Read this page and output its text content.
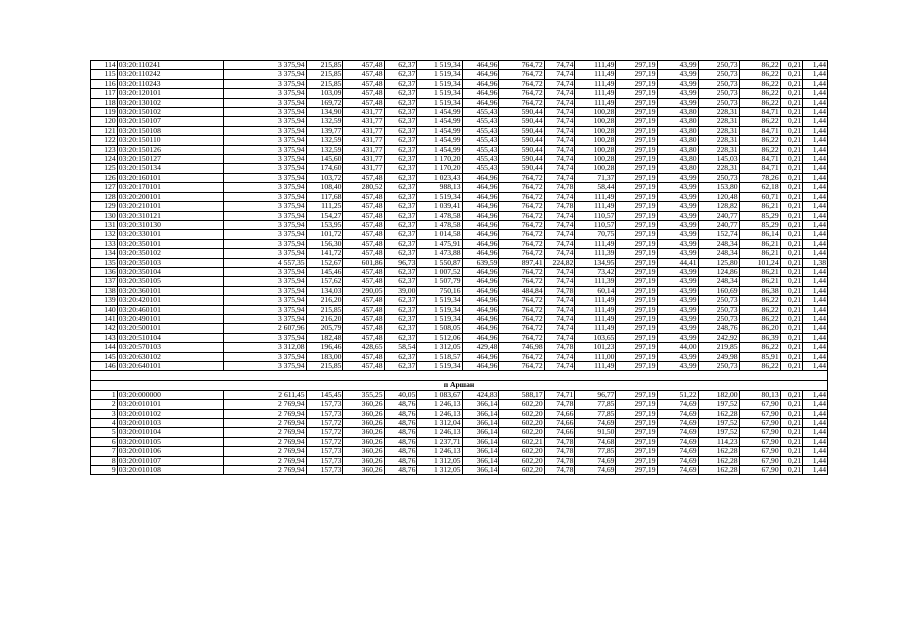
114	03:20:110241	3 375,94	215,85	457,48	62,37	1 519,34	464,96	764,72	74,74	111,49	297,19	43,99	250,73	86,22	0,21	1,44
115	03:20:110242	3 375,94	215,85	457,48	62,37	1 519,34	464,96	764,72	74,74	111,49	297,19	43,99	250,73	86,22	0,21	1,44
116	03:20:110243	3 375,94	215,85	457,48	62,37	1 519,34	464,96	764,72	74,74	111,49	297,19	43,99	250,73	86,22	0,21	1,44
117	03:20:120101	3 375,94	103,09	457,48	62,37	1 519,34	464,96	764,72	74,74	111,49	297,19	43,99	250,73	86,22	0,21	1,44
118	03:20:130102	3 375,94	169,72	457,48	62,37	1 519,34	464,96	764,72	74,74	111,49	297,19	43,99	250,73	86,22	0,21	1,44
119	03:20:150102	3 375,94	134,90	431,77	62,37	1 454,99	455,43	590,44	74,74	100,28	297,19	43,80	228,31	84,71	0,21	1,44
120	03:20:150107	3 375,94	132,59	431,77	62,37	1 454,99	455,43	590,44	74,74	100,28	297,19	43,80	228,31	86,22	0,21	1,44
121	03:20:150108	3 375,94	139,77	431,77	62,37	1 454,99	455,43	590,44	74,74	100,28	297,19	43,80	228,31	84,71	0,21	1,44
122	03:20:150110	3 375,94	132,59	431,77	62,37	1 454,99	455,43	590,44	74,74	100,28	297,19	43,80	228,31	86,22	0,21	1,44
123	03:20:150126	3 375,94	132,59	431,77	62,37	1 454,99	455,43	590,44	74,74	100,28	297,19	43,80	228,31	86,22	0,21	1,44
124	03:20:150127	3 375,94	145,60	431,77	62,37	1 170,20	455,43	590,44	74,74	100,28	297,19	43,80	145,03	84,71	0,21	1,44
125	03:20:150134	3 375,94	174,60	431,77	62,37	1 170,20	455,43	590,44	74,74	100,28	297,19	43,80	228,31	84,71	0,21	1,44
126	03:20:160101	3 375,94	103,72	457,48	62,37	1 023,43	464,96	764,72	74,74	71,37	297,19	43,99	250,73	78,26	0,21	1,44
127	03:20:170101	3 375,94	108,40	280,52	62,37	988,13	464,96	764,72	74,78	58,44	297,19	43,99	153,80	62,18	0,21	1,44
128	03:20:200101	3 375,94	117,68	457,48	62,37	1 519,34	464,96	764,72	74,74	111,49	297,19	43,99	120,48	60,71	0,21	1,44
129	03:20:210101	3 375,94	111,25	457,48	62,37	1 039,41	464,96	764,72	74,78	111,49	297,19	43,99	128,82	86,21	0,21	1,44
130	03:20:310121	3 375,94	154,27	457,48	62,37	1 478,58	464,96	764,72	74,74	110,57	297,19	43,99	240,77	85,29	0,21	1,44
131	03:20:310130	3 375,94	153,95	457,48	62,37	1 478,58	464,96	764,72	74,74	110,57	297,19	43,99	240,77	85,29	0,21	1,44
132	03:20:330101	3 375,94	101,72	457,48	62,37	1 014,58	464,96	764,72	74,74	70,75	297,19	43,99	152,74	86,14	0,21	1,44
133	03:20:350101	3 375,94	156,30	457,48	62,37	1 475,91	464,96	764,72	74,74	111,49	297,19	43,99	248,34	86,21	0,21	1,44
134	03:20:350102	3 375,94	141,72	457,48	62,37	1 473,88	464,96	764,72	74,74	111,39	297,19	43,99	248,34	86,21	0,21	1,44
135	03:20:350103	4 557,35	152,67	601,86	96,73	1 550,87	639,59	897,41	224,82	134,95	297,19	44,41	125,80	101,24	0,21	1,38
136	03:20:350104	3 375,94	145,46	457,48	62,37	1 007,52	464,96	764,72	74,74	73,42	297,19	43,99	124,86	86,21	0,21	1,44
137	03:20:350105	3 375,94	157,62	457,48	62,37	1 507,79	464,96	764,72	74,74	111,39	297,19	43,99	248,34	86,21	0,21	1,44
138	03:20:360101	3 375,94	134,03	290,05	39,00	750,16	464,96	484,84	74,78	60,14	297,19	43,99	160,69	86,38	0,21	1,44
139	03:20:420101	3 375,94	216,20	457,48	62,37	1 519,34	464,96	764,72	74,74	111,49	297,19	43,99	250,73	86,22	0,21	1,44
140	03:20:460101	3 375,94	215,85	457,48	62,37	1 519,34	464,96	764,72	74,74	111,49	297,19	43,99	250,73	86,22	0,21	1,44
141	03:20:490101	3 375,94	216,20	457,48	62,37	1 519,34	464,96	764,72	74,74	111,49	297,19	43,99	250,73	86,22	0,21	1,44
142	03:20:500101	2 607,96	205,79	457,48	62,37	1 508,05	464,96	764,72	74,74	111,49	297,19	43,99	248,76	86,20	0,21	1,44
143	03:20:510104	3 375,94	182,48	457,48	62,37	1 512,06	464,96	764,72	74,74	103,65	297,19	43,99	242,92	86,39	0,21	1,44
144	03:20:570103	3 312,08	196,46	428,65	58,54	1 312,05	429,48	746,98	74,78	101,23	297,19	44,00	219,85	86,22	0,21	1,44
145	03:20:630102	3 375,94	183,00	457,48	62,37	1 518,57	464,96	764,72	74,74	111,00	297,19	43,99	249,98	85,91	0,21	1,44
146	03:20:640101	3 375,94	215,85	457,48	62,37	1 519,34	464,96	764,72	74,74	111,49	297,19	43,99	250,73	86,22	0,21	1,44

п Аршан																
1	03:20:000000	2 611,45	145,45	355,25	40,05	1 083,67	424,83	588,17	74,71	96,77	297,19	51,22	182,00	80,13	0,21	1,44
2	03:20:010101	2 769,94	157,73	360,26	48,76	1 246,13	366,14	602,20	74,78	77,85	297,19	74,69	197,52	67,90	0,21	1,44
3	03:20:010102	2 769,94	157,73	360,26	48,76	1 246,13	366,14	602,20	74,66	77,85	297,19	74,69	162,28	67,90	0,21	1,44
4	03:20:010103	2 769,94	157,72	360,26	48,76	1 312,04	366,14	602,20	74,66	74,69	297,19	74,69	197,52	67,90	0,21	1,44
5	03:20:010104	2 769,94	157,72	360,26	48,76	1 246,13	366,14	602,20	74,66	91,50	297,19	74,69	197,52	67,90	0,21	1,44
6	03:20:010105	2 769,94	157,72	360,26	48,76	1 237,71	366,14	602,21	74,78	74,68	297,19	74,69	114,23	67,90	0,21	1,44
7	03:20:010106	2 769,94	157,73	360,26	48,76	1 246,13	366,14	602,20	74,78	77,85	297,19	74,69	162,28	67,90	0,21	1,44
8	03:20:010107	2 769,94	157,73	360,26	48,76	1 312,05	366,14	602,20	74,78	74,69	297,19	74,69	162,28	67,90	0,21	1,44
9	03:20:010108	2 769,94	157,73	360,26	48,76	1 312,05	366,14	602,20	74,78	74,69	297,19	74,69	162,28	67,90	0,21	1,44
